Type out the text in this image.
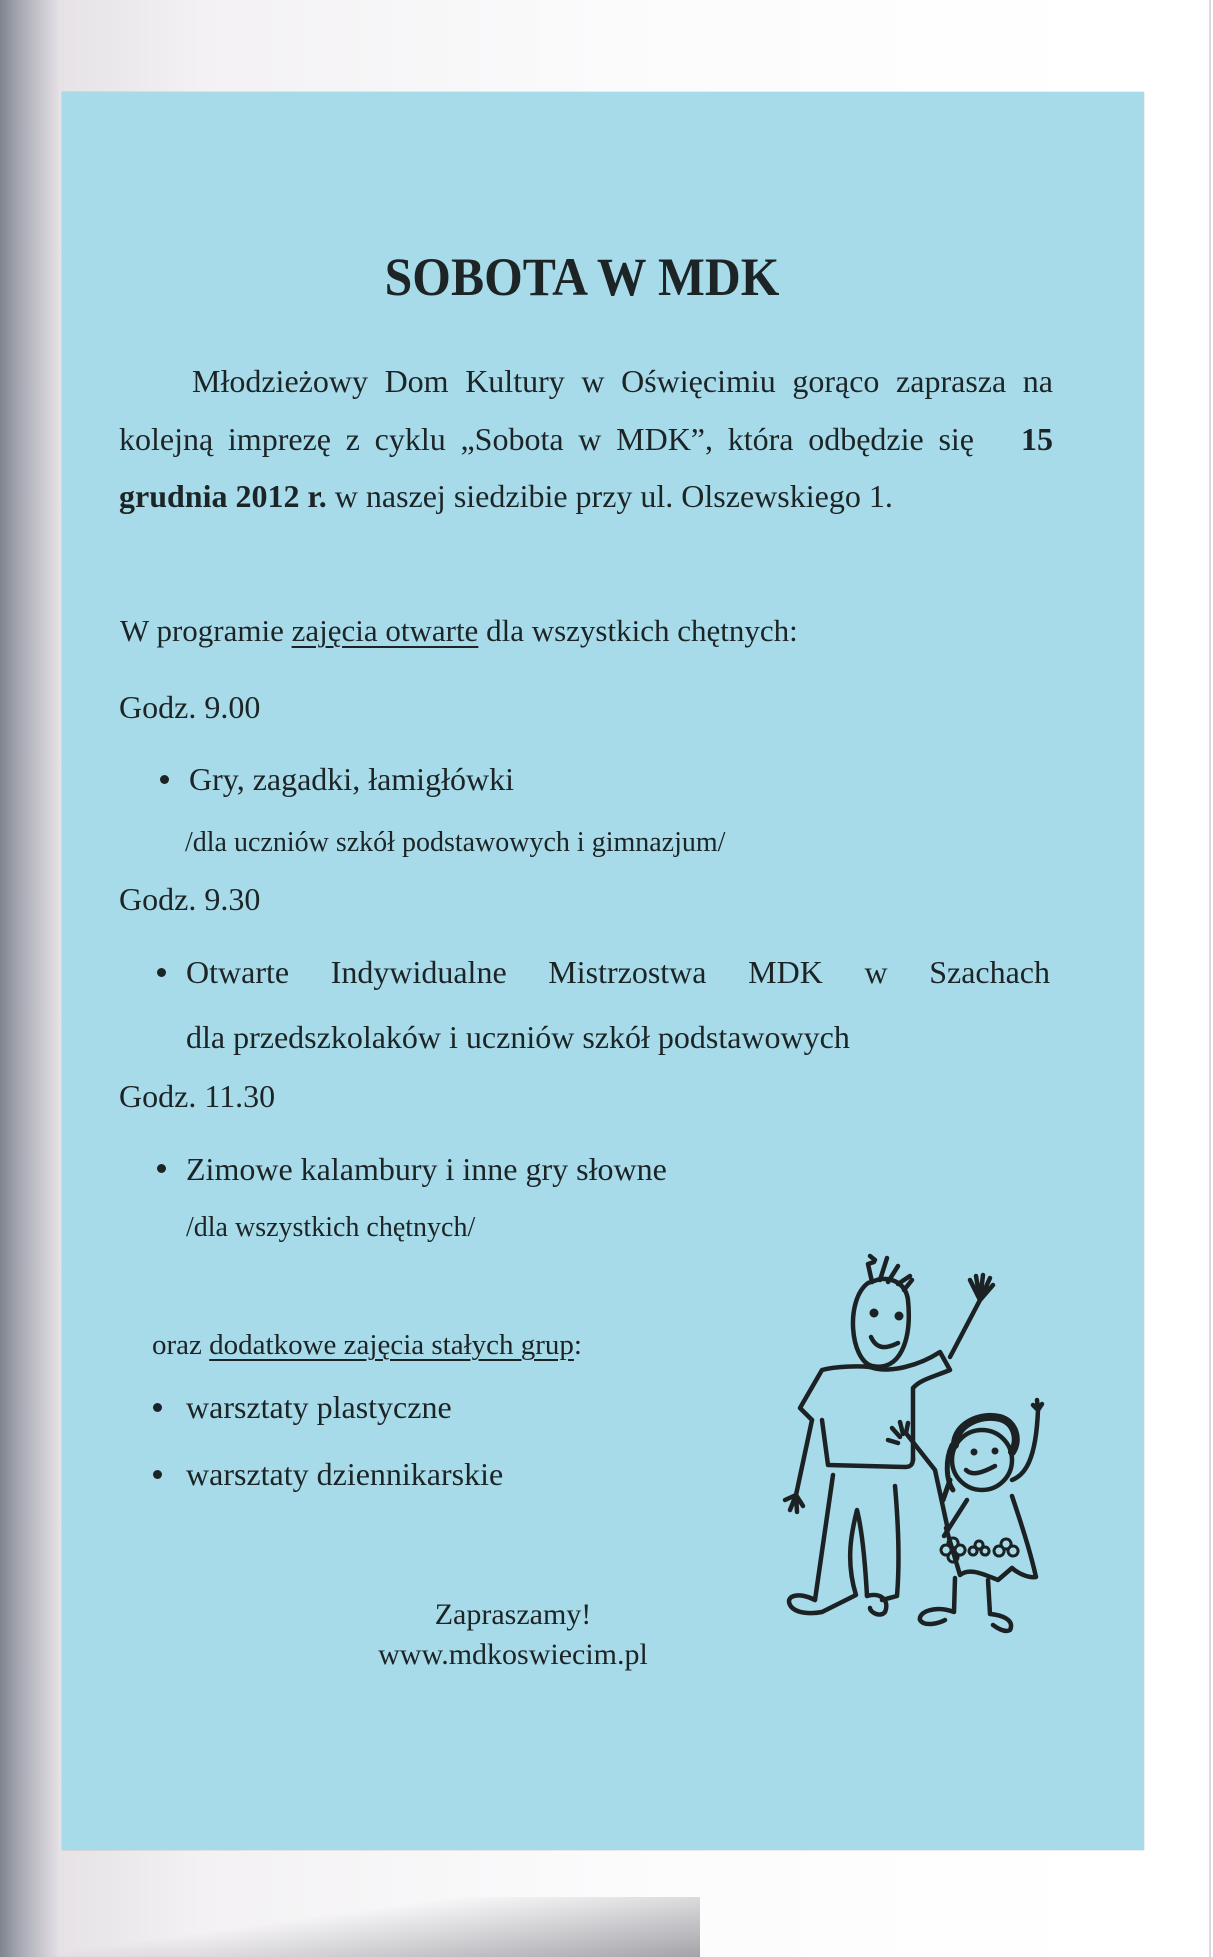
SOBOTA W MDK
Młodzieżowy Dom Kultury w Oświęcimiu gorąco zaprasza na
kolejną imprezę z cyklu „Sobota w MDK”, która odbędzie się 15
grudnia 2012 r. w naszej siedzibie przy ul. Olszewskiego 1.
W programie zajęcia otwarte dla wszystkich chętnych:
Godz. 9.00
Gry, zagadki, łamigłówki
/dla uczniów szkół podstawowych i gimnazjum/
Godz. 9.30
Otwarte Indywidualne Mistrzostwa MDK w Szachach
dla przedszkolaków i uczniów szkół podstawowych
Godz. 11.30
Zimowe kalambury i inne gry słowne
/dla wszystkich chętnych/
oraz dodatkowe zajęcia stałych grup:
warsztaty plastyczne
warsztaty dziennikarskie
Zapraszamy!
www.mdkoswiecim.pl
